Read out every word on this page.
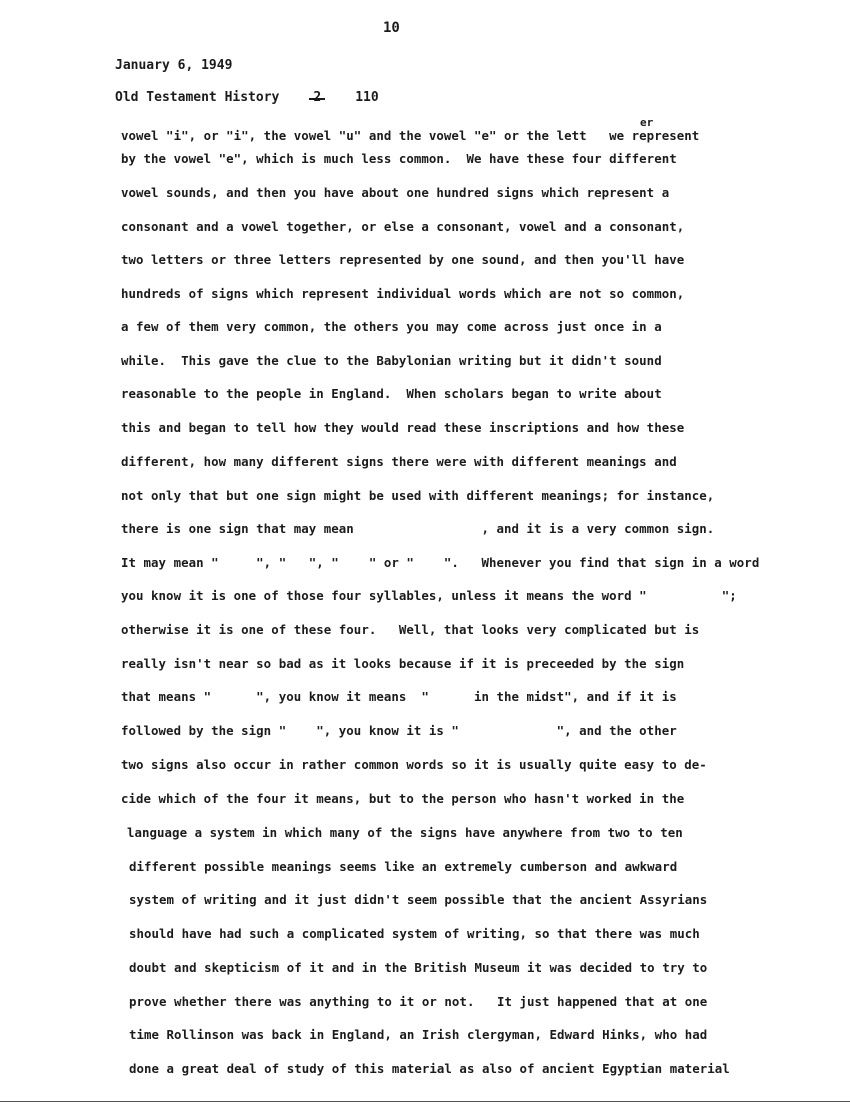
10
January 6, 1949
Old Testament History	2	110
er
vowel "i", or "i", the vowel "u" and the vowel "e" or the lett   we represent
by the vowel "e", which is much less common.  We have these four different
vowel sounds, and then you have about one hundred signs which represent a
consonant and a vowel together, or else a consonant, vowel and a consonant,
two letters or three letters represented by one sound, and then you'll have
hundreds of signs which represent individual words which are not so common,
a few of them very common, the others you may come across just once in a
while.  This gave the clue to the Babylonian writing but it didn't sound
reasonable to the people in England.  When scholars began to write about
this and began to tell how they would read these inscriptions and how these
different, how many different signs there were with different meanings and
not only that but one sign might be used with different meanings; for instance,
there is one sign that may mean                 , and it is a very common sign.
It may mean "     ", "   ", "    " or "    ".   Whenever you find that sign in a word
you know it is one of those four syllables, unless it means the word "          ";
otherwise it is one of these four.   Well, that looks very complicated but is
really isn't near so bad as it looks because if it is preceeded by the sign
that means "      ", you know it means  "      in the midst", and if it is
followed by the sign "    ", you know it is "             ", and the other
two signs also occur in rather common words so it is usually quite easy to de-
cide which of the four it means, but to the person who hasn't worked in the
language a system in which many of the signs have anywhere from two to ten
different possible meanings seems like an extremely cumberson and awkward
system of writing and it just didn't seem possible that the ancient Assyrians
should have had such a complicated system of writing, so that there was much
doubt and skepticism of it and in the British Museum it was decided to try to
prove whether there was anything to it or not.   It just happened that at one
time Rollinson was back in England, an Irish clergyman, Edward Hinks, who had
done a great deal of study of this material as also of ancient Egyptian material
